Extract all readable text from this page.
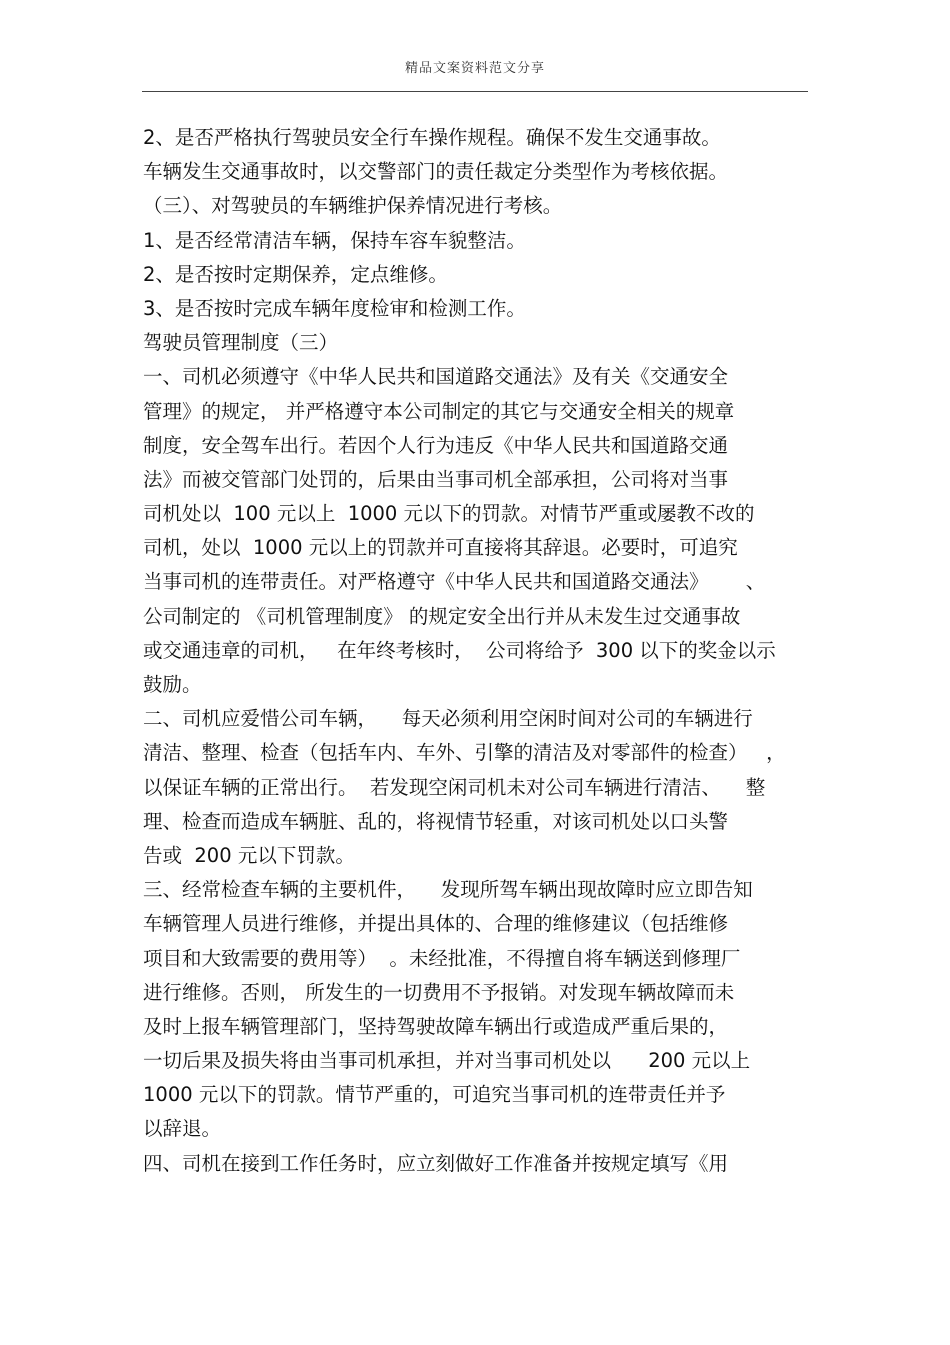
精品文案资料范文分享
2、是否严格执行驾驶员安全行车操作规程。确保不发生交通事故。
车辆发生交通事故时，以交警部门的责任裁定分类型作为考核依据。
（三）、对驾驶员的车辆维护保养情况进行考核。
1、是否经常清洁车辆，保持车容车貌整洁。
2、是否按时定期保养，定点维修。
3、是否按时完成车辆年度检审和检测工作。
驾驶员管理制度（三）
一、司机必须遵守《中华人民共和国道路交通法》及有关《交通安全
管理》的规定， 并严格遵守本公司制定的其它与交通安全相关的规章
制度，安全驾车出行。若因个人行为违反《中华人民共和国道路交通
法》而被交管部门处罚的，后果由当事司机全部承担，公司将对当事
司机处以  100 元以上  1000 元以下的罚款。对情节严重或屡教不改的
司机，处以  1000 元以上的罚款并可直接将其辞退。必要时，可追究
当事司机的连带责任。对严格遵守《中华人民共和国道路交通法》      、
公司制定的 《司机管理制度》 的规定安全出行并从未发生过交通事故
或交通违章的司机，   在年终考核时，  公司将给予  300 以下的奖金以示
鼓励。
二、司机应爱惜公司车辆，    每天必须利用空闲时间对公司的车辆进行
清洁、整理、检查（包括车内、车外、引擎的清洁及对零部件的检查）   ，
以保证车辆的正常出行。  若发现空闲司机未对公司车辆进行清洁、    整
理、检查而造成车辆脏、乱的，将视情节轻重，对该司机处以口头警
告或  200 元以下罚款。
三、经常检查车辆的主要机件，    发现所驾车辆出现故障时应立即告知
车辆管理人员进行维修，并提出具体的、合理的维修建议（包括维修
项目和大致需要的费用等）  。未经批准，不得擅自将车辆送到修理厂
进行维修。否则， 所发生的一切费用不予报销。对发现车辆故障而未
及时上报车辆管理部门，坚持驾驶故障车辆出行或造成严重后果的，
一切后果及损失将由当事司机承担，并对当事司机处以      200 元以上
1000 元以下的罚款。情节严重的，可追究当事司机的连带责任并予
以辞退。
四、司机在接到工作任务时，应立刻做好工作准备并按规定填写《用
